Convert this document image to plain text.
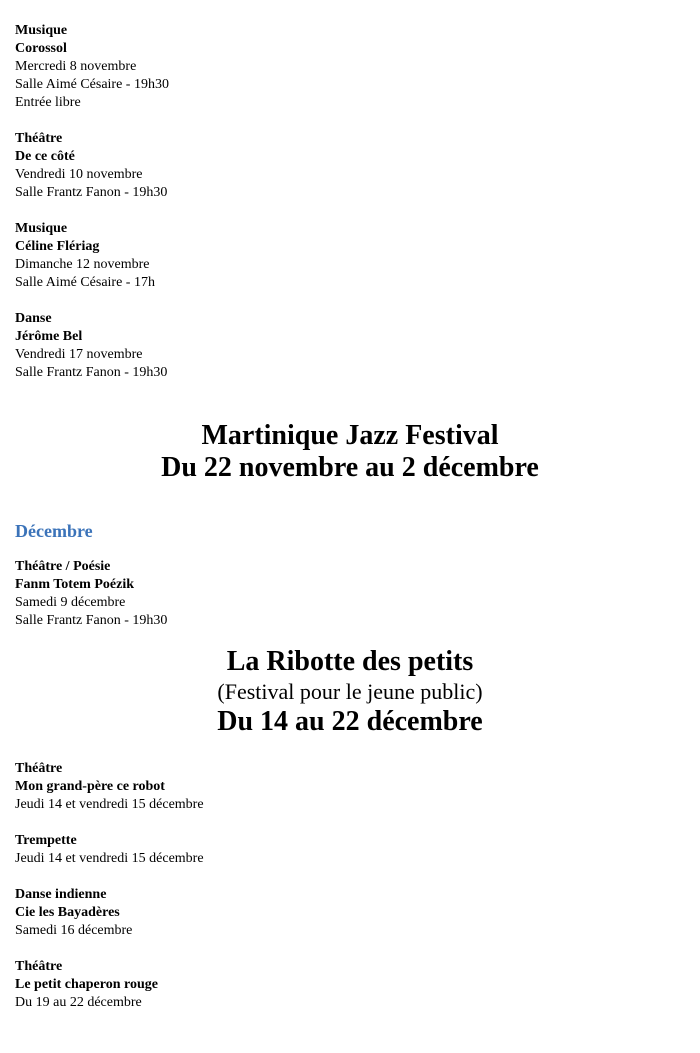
Musique
Corossol
Mercredi 8 novembre
Salle Aimé Césaire - 19h30
Entrée libre
Théâtre
De ce côté
Vendredi 10 novembre
Salle Frantz Fanon - 19h30
Musique
Céline Flériag
Dimanche 12 novembre
Salle Aimé Césaire - 17h
Danse
Jérôme Bel
Vendredi 17 novembre
Salle Frantz Fanon - 19h30
Martinique Jazz Festival
Du 22 novembre au 2 décembre
Décembre
Théâtre / Poésie
Fanm Totem Poézik
Samedi 9 décembre
Salle Frantz Fanon - 19h30
La Ribotte des petits
(Festival pour le jeune public)
Du 14 au 22 décembre
Théâtre
Mon grand-père ce robot
Jeudi 14 et vendredi 15 décembre
Trempette
Jeudi 14 et vendredi 15 décembre
Danse indienne
Cie les Bayadères
Samedi 16 décembre
Théâtre
Le petit chaperon rouge
Du 19 au 22 décembre
